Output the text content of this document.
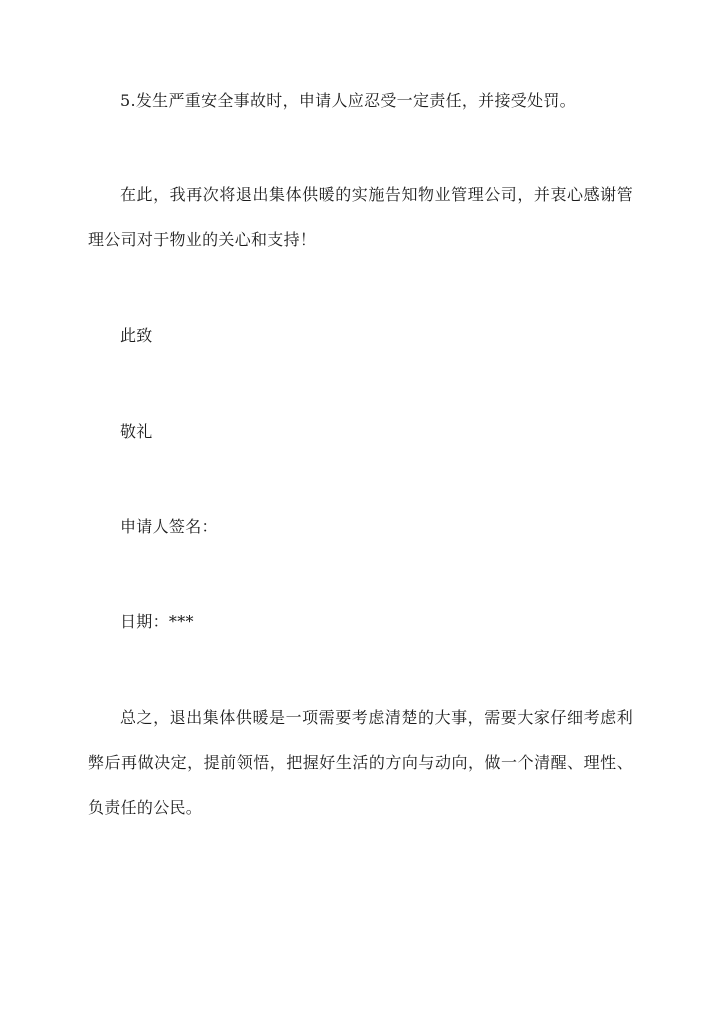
5.发生严重安全事故时，申请人应忍受一定责任，并接受处罚。

在此，我再次将退出集体供暖的实施告知物业管理公司，并衷心感谢管理公司对于物业的关心和支持！

此致

敬礼

申请人签名：

日期：***

总之，退出集体供暖是一项需要考虑清楚的大事，需要大家仔细考虑利弊后再做决定，提前领悟，把握好生活的方向与动向，做一个清醒、理性、负责任的公民。
